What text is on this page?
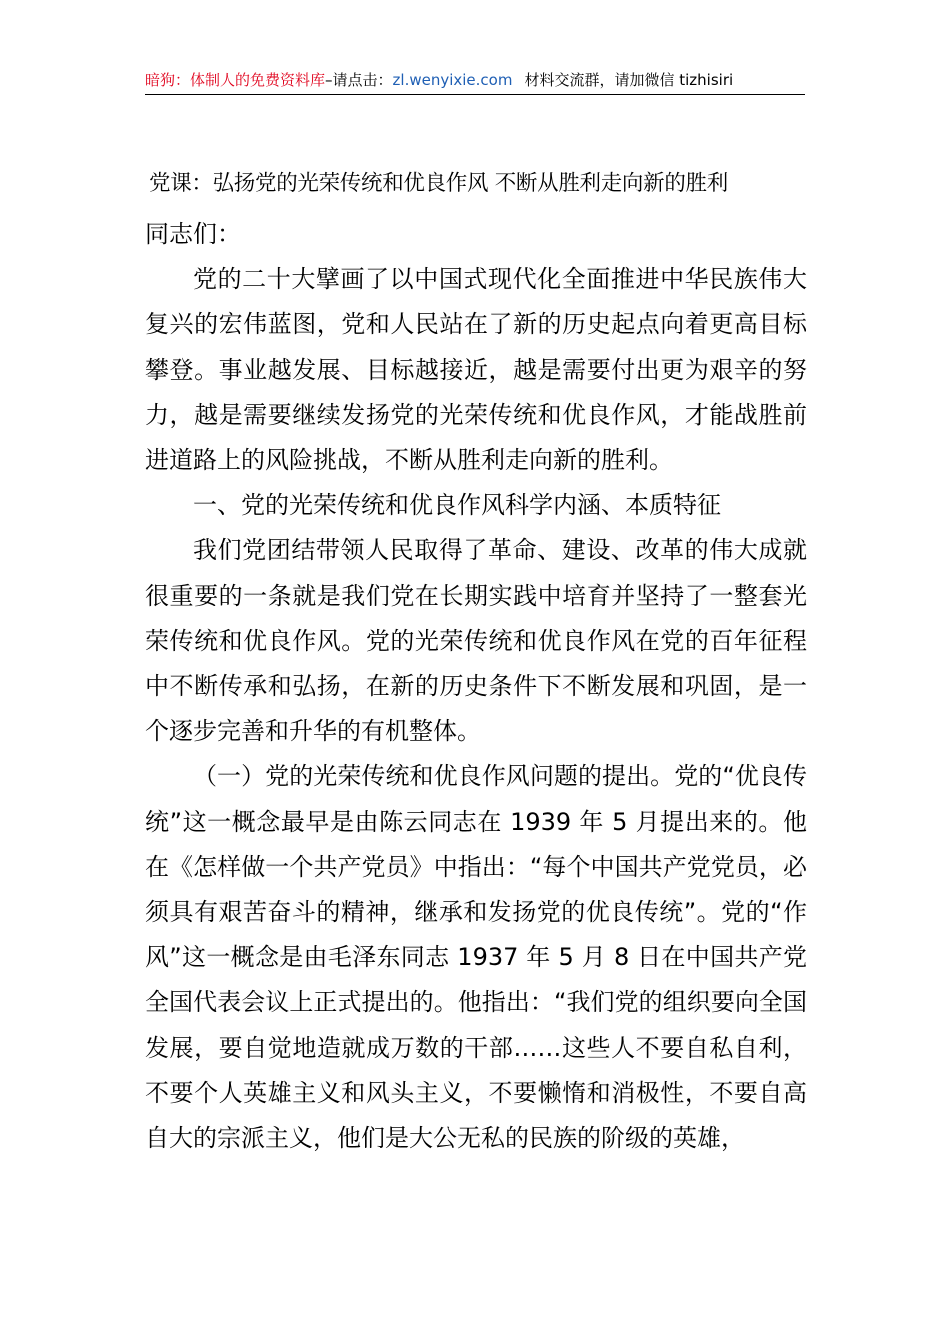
暗狗：体制人的免费资料库–请点击：zl.wenyixie.com 材料交流群，请加微信 tizhisiri
党课：弘扬党的光荣传统和优良作风 不断从胜利走向新的胜利

同志们：

党的二十大擘画了以中国式现代化全面推进中华民族伟大复兴的宏伟蓝图，党和人民站在了新的历史起点向着更高目标攀登。事业越发展、目标越接近，越是需要付出更为艰辛的努力，越是需要继续发扬党的光荣传统和优良作风，才能战胜前进道路上的风险挑战，不断从胜利走向新的胜利。

一、党的光荣传统和优良作风科学内涵、本质特征

我们党团结带领人民取得了革命、建设、改革的伟大成就很重要的一条就是我们党在长期实践中培育并坚持了一整套光荣传统和优良作风。党的光荣传统和优良作风在党的百年征程中不断传承和弘扬，在新的历史条件下不断发展和巩固，是一个逐步完善和升华的有机整体。

（一）党的光荣传统和优良作风问题的提出。党的“优良传统”这一概念最早是由陈云同志在 1939 年 5 月提出来的。他在《怎样做一个共产党员》中指出：“每个中国共产党党员，必须具有艰苦奋斗的精神，继承和发扬党的优良传统”。党的“作风”这一概念是由毛泽东同志 1937 年 5 月 8 日在中国共产党全国代表会议上正式提出的。他指出：“我们党的组织要向全国发展，要自觉地造就成万数的干部……这些人不要自私自利，不要个人英雄主义和风头主义，不要懒惰和消极性，不要自高自大的宗派主义，他们是大公无私的民族的阶级的英雄，
